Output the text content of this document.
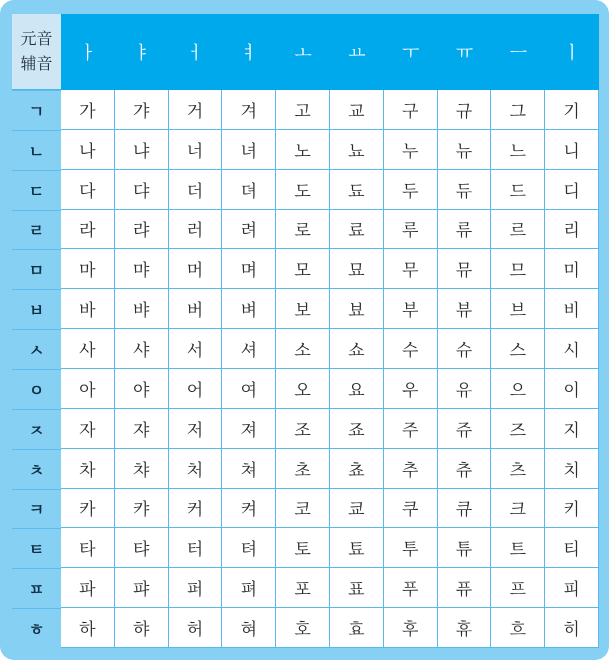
元音
辅音	ㅏ	ㅑ	ㅓ	ㅕ	ㅗ	ㅛ	ㅜ	ㅠ	ㅡ	ㅣ
ㄱ	가	갸	거	겨	고	교	구	규	그	기
ㄴ	나	냐	너	녀	노	뇨	누	뉴	느	니
ㄷ	다	댜	더	뎌	도	됴	두	듀	드	디
ㄹ	라	랴	러	려	로	료	루	류	르	리
ㅁ	마	먀	머	며	모	묘	무	뮤	므	미
ㅂ	바	뱌	버	벼	보	뵤	부	뷰	브	비
ㅅ	사	샤	서	셔	소	쇼	수	슈	스	시
ㅇ	아	야	어	여	오	요	우	유	으	이
ㅈ	자	쟈	저	져	조	죠	주	쥬	즈	지
ㅊ	차	챠	처	쳐	초	쵸	추	츄	츠	치
ㅋ	카	캬	커	켜	코	쿄	쿠	큐	크	키
ㅌ	타	탸	터	텨	토	툐	투	튜	트	티
ㅍ	파	퍄	퍼	펴	포	표	푸	퓨	프	피
ㅎ	하	햐	허	혀	호	효	후	휴	흐	히
